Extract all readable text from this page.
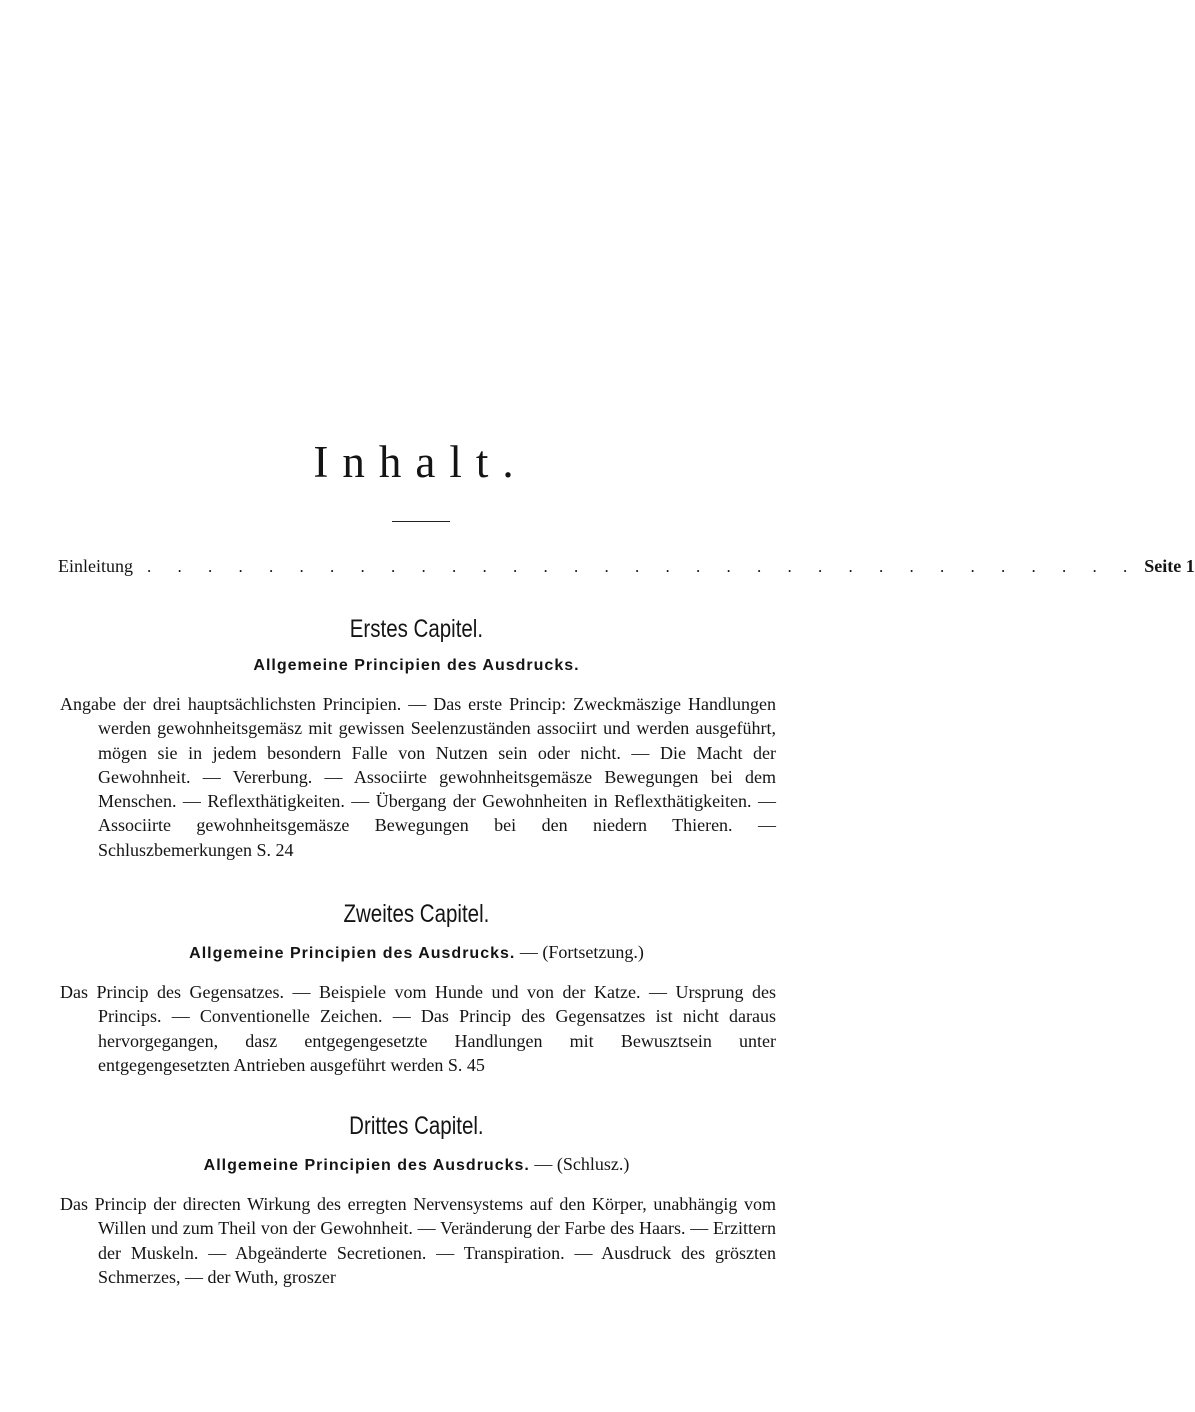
Inhalt.
Einleitung . . . . . . . . . . . . . . . . . . . . . . . . . . . . . . . . . Seite 1
Erstes Capitel.
Allgemeine Principien des Ausdrucks.
Angabe der drei hauptsächlichsten Principien. — Das erste Princip: Zweckmäszige Handlungen werden gewohnheitsgemäsz mit gewissen Seelenzuständen associirt und werden ausgeführt, mögen sie in jedem besondern Falle von Nutzen sein oder nicht. — Die Macht der Gewohnheit. — Vererbung. — Associirte gewohnheitsgemäsze Bewegungen bei dem Menschen. — Reflexthätigkeiten. — Übergang der Gewohnheiten in Reflexthätigkeiten. — Associirte gewohnheitsgemäsze Bewegungen bei den niedern Thieren. — Schluszbemerkungen S. 24
Zweites Capitel.
Allgemeine Principien des Ausdrucks. — (Fortsetzung.)
Das Princip des Gegensatzes. — Beispiele vom Hunde und von der Katze. — Ursprung des Princips. — Conventionelle Zeichen. — Das Princip des Gegensatzes ist nicht daraus hervorgegangen, dasz entgegengesetzte Handlungen mit Bewusztsein unter entgegengesetzten Antrieben ausgeführt werden S. 45
Drittes Capitel.
Allgemeine Principien des Ausdrucks. — (Schlusz.)
Das Princip der directen Wirkung des erregten Nervensystems auf den Körper, unabhängig vom Willen und zum Theil von der Gewohnheit. — Veränderung der Farbe des Haars. — Erzittern der Muskeln. — Abgeänderte Secretionen. — Transpiration. — Ausdruck des gröszten Schmerzes, — der Wuth, groszer
